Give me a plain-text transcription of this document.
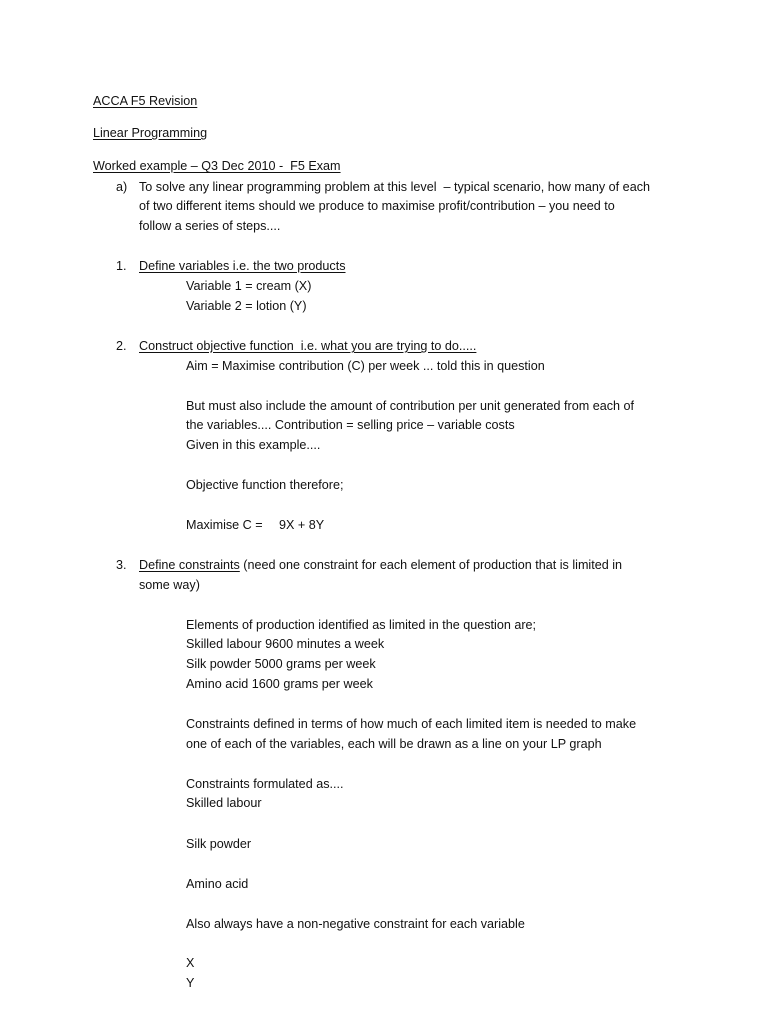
ACCA F5 Revision
Linear Programming
Worked example – Q3 Dec 2010 -  F5 Exam
a) To solve any linear programming problem at this level  – typical scenario, how many of each
of two different items should we produce to maximise profit/contribution – you need to
follow a series of steps....
1. Define variables i.e. the two products
Variable 1 = cream (X)
Variable 2 = lotion (Y)
2. Construct objective function  i.e. what you are trying to do.....
Aim = Maximise contribution (C) per week ... told this in question
But must also include the amount of contribution per unit generated from each of
the variables.... Contribution = selling price – variable costs
Given in this example....
Objective function therefore;
Maximise C = 9X + 8Y
3. Define constraints (need one constraint for each element of production that is limited in
some way)
Elements of production identified as limited in the question are;
Skilled labour 9600 minutes a week
Silk powder 5000 grams per week
Amino acid 1600 grams per week
Constraints defined in terms of how much of each limited item is needed to make
one of each of the variables, each will be drawn as a line on your LP graph
Constraints formulated as....
Skilled labour
Silk powder
Amino acid
Also always have a non-negative constraint for each variable
X
Y
